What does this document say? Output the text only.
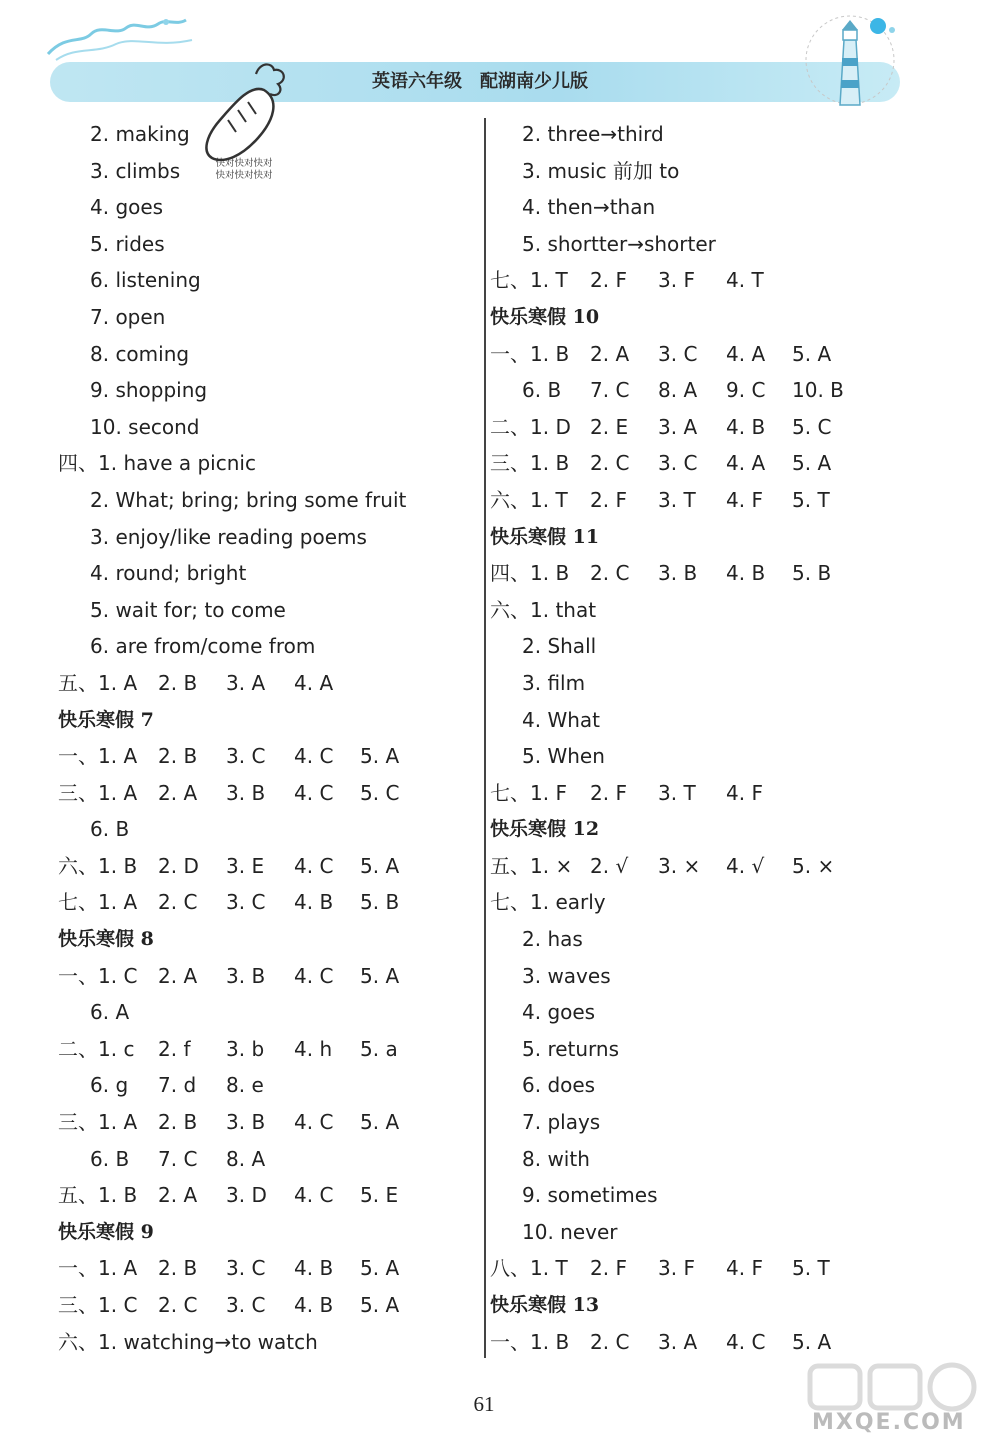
英语六年级　配湖南少儿版
快对快对快对
快对快对快对
2. making
3. climbs
4. goes
5. rides
6. listening
7. open
8. coming
9. shopping
10. second
四、1. have a picnic
2. What; bring; bring some fruit
3. enjoy/like reading poems
4. round; bright
5. wait for; to come
6. are from/come from
五、1. A 2. B 3. A 4. A
快乐寒假 7
一、1. A 2. B 3. C 4. C 5. A
三、1. A 2. A 3. B 4. C 5. C
6. B
六、1. B 2. D 3. E 4. C 5. A
七、1. A 2. C 3. C 4. B 5. B
快乐寒假 8
一、1. C 2. A 3. B 4. C 5. A
6. A
二、1. c 2. f 3. b 4. h 5. a
6. g 7. d 8. e
三、1. A 2. B 3. B 4. C 5. A
6. B 7. C 8. A
五、1. B 2. A 3. D 4. C 5. E
快乐寒假 9
一、1. A 2. B 3. C 4. B 5. A
三、1. C 2. C 3. C 4. B 5. A
六、1. watching→to watch
2. three→third
3. music 前加 to
4. then→than
5. shortter→shorter
七、1. T 2. F 3. F 4. T
快乐寒假 10
一、1. B 2. A 3. C 4. A 5. A
6. B 7. C 8. A 9. C 10. B
二、1. D 2. E 3. A 4. B 5. C
三、1. B 2. C 3. C 4. A 5. A
六、1. T 2. F 3. T 4. F 5. T
快乐寒假 11
四、1. B 2. C 3. B 4. B 5. B
六、1. that
2. Shall
3. film
4. What
5. When
七、1. F 2. F 3. T 4. F
快乐寒假 12
五、1. × 2. √ 3. × 4. √ 5. ×
七、1. early
2. has
3. waves
4. goes
5. returns
6. does
7. plays
8. with
9. sometimes
10. never
八、1. T 2. F 3. F 4. F 5. T
快乐寒假 13
一、1. B 2. C 3. A 4. C 5. A
61
MXQE.COM
